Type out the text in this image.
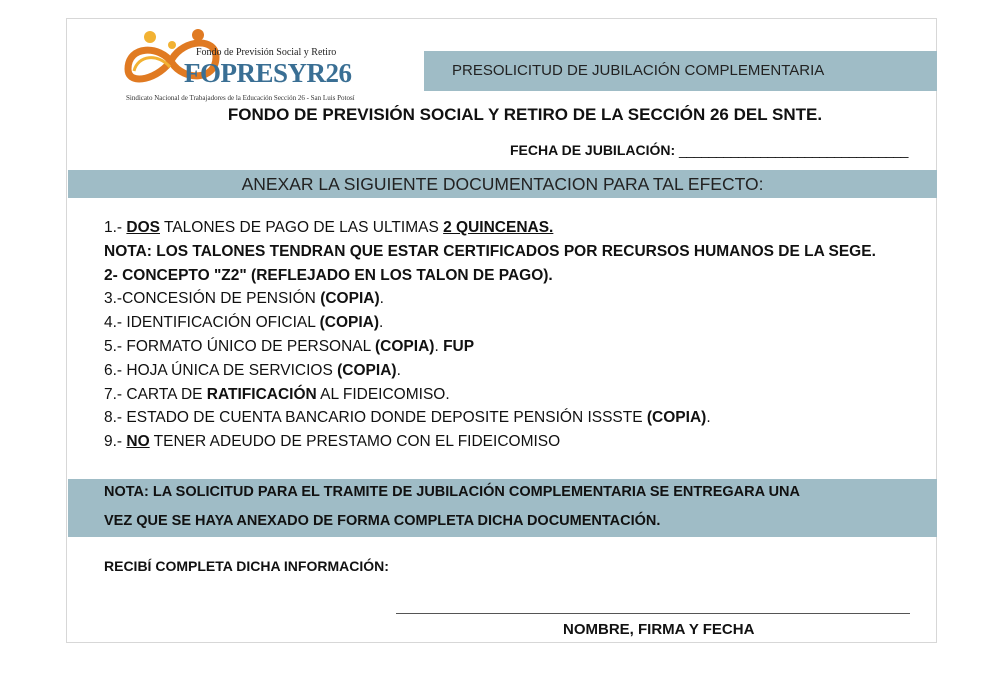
Fondo de Previsión Social y Retiro
FOPRESYR26
Sindicato Nacional de Trabajadores de la Educación Sección 26 - San Luis Potosí
PRESOLICITUD DE JUBILACIÓN COMPLEMENTARIA
FONDO DE PREVISIÓN SOCIAL Y RETIRO DE LA SECCIÓN 26 DEL SNTE.
FECHA DE JUBILACIÓN: _______________________________
ANEXAR LA SIGUIENTE DOCUMENTACION PARA TAL EFECTO:
1.- DOS TALONES DE PAGO DE LAS ULTIMAS 2 QUINCENAS.
NOTA: LOS TALONES TENDRAN QUE ESTAR CERTIFICADOS POR RECURSOS HUMANOS DE LA SEGE.
2- CONCEPTO "Z2" (REFLEJADO EN LOS TALON DE PAGO).
3.-CONCESIÓN DE PENSIÓN (COPIA).
4.- IDENTIFICACIÓN OFICIAL (COPIA).
5.- FORMATO ÚNICO DE PERSONAL (COPIA). FUP
6.- HOJA ÚNICA DE SERVICIOS (COPIA).
7.- CARTA DE RATIFICACIÓN AL FIDEICOMISO.
8.- ESTADO DE CUENTA BANCARIO DONDE DEPOSITE PENSIÓN ISSSTE (COPIA).
9.- NO TENER ADEUDO DE PRESTAMO CON EL FIDEICOMISO
NOTA: LA SOLICITUD PARA EL TRAMITE DE JUBILACIÓN COMPLEMENTARIA SE ENTREGARA UNA
VEZ QUE SE HAYA ANEXADO DE FORMA COMPLETA DICHA DOCUMENTACIÓN.
RECIBÍ COMPLETA DICHA INFORMACIÓN:
NOMBRE, FIRMA Y FECHA
